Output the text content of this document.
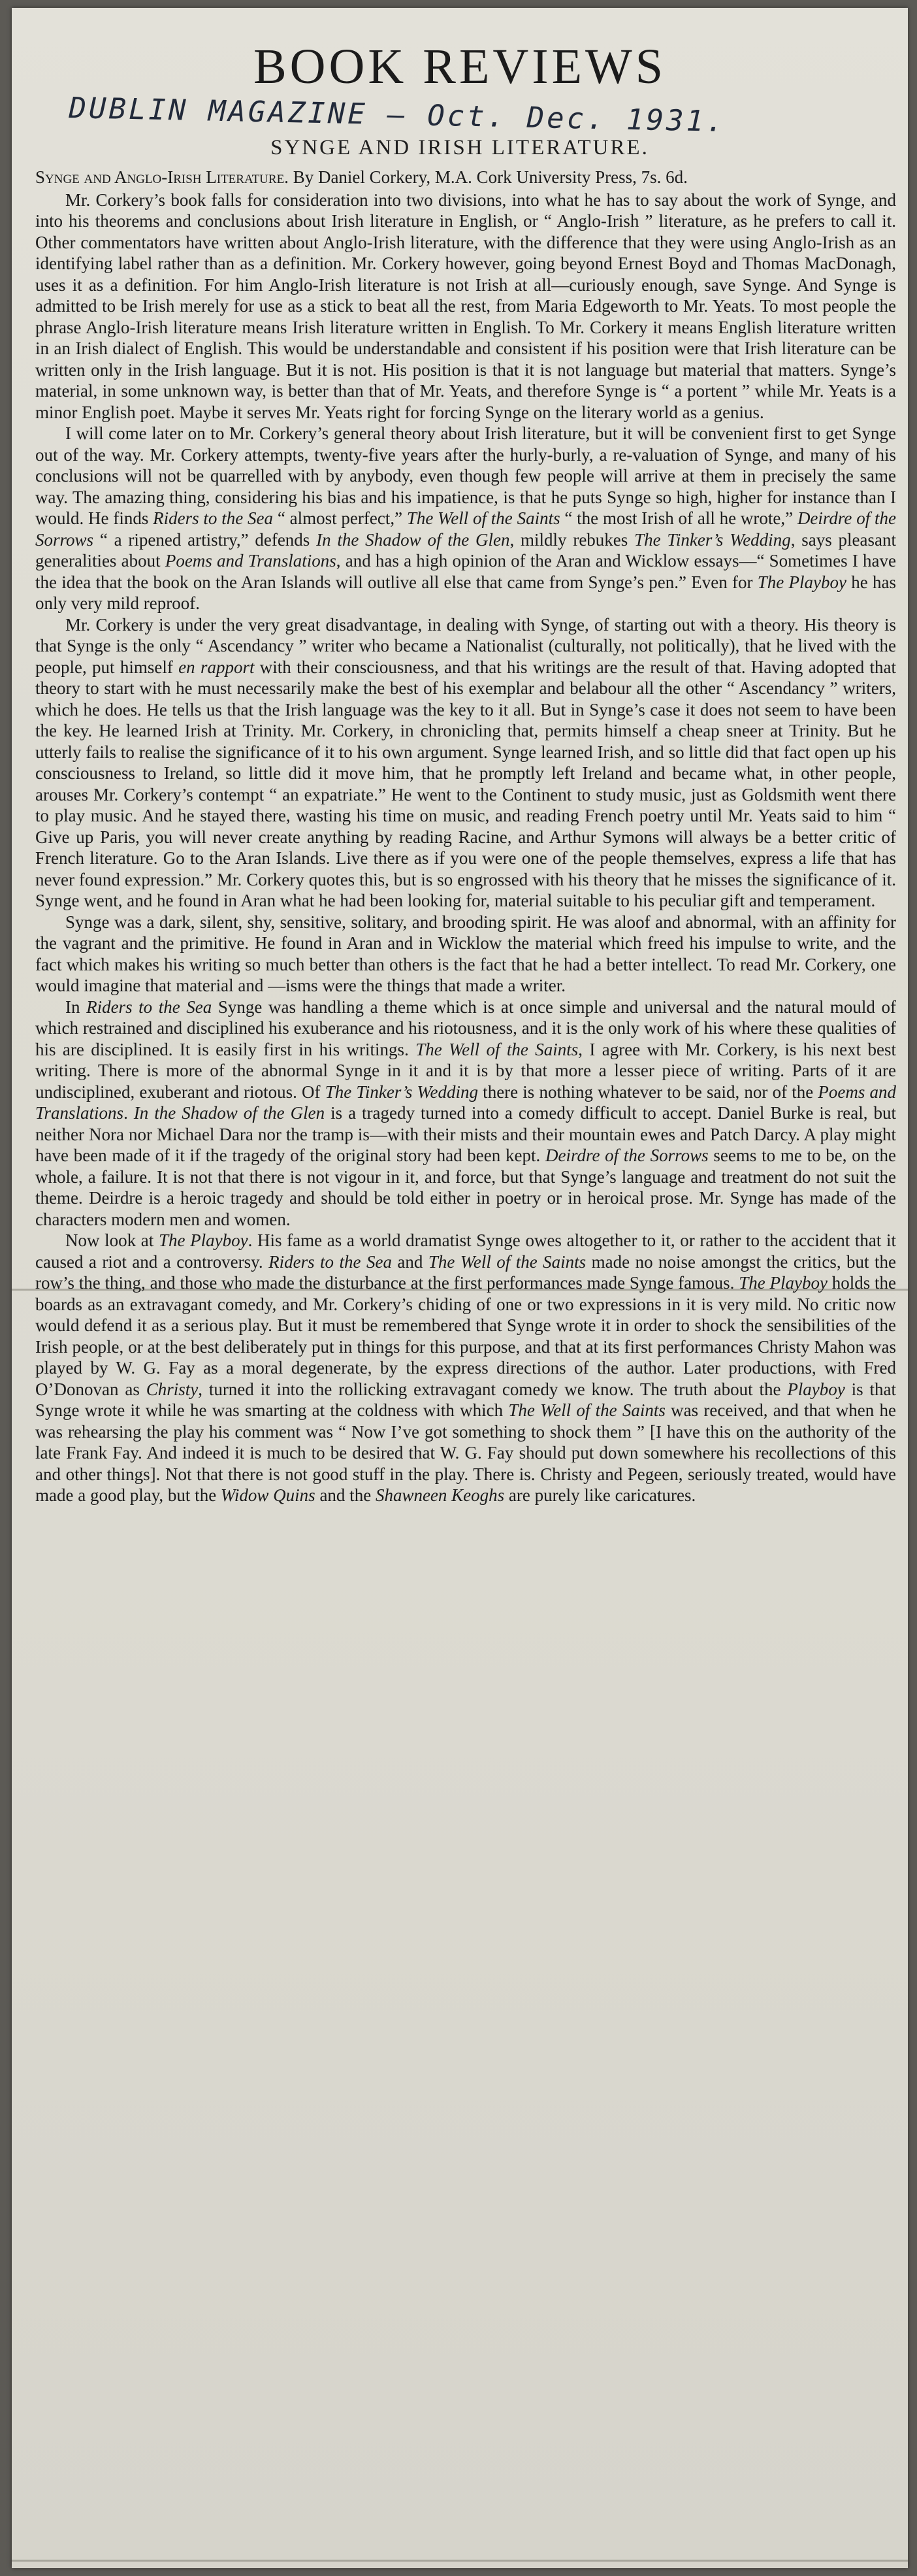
BOOK REVIEWS
DUBLIN MAGAZINE — Oct. Dec. 1931.
SYNGE AND IRISH LITERATURE.

Synge and Anglo-Irish Literature. By Daniel Corkery, M.A. Cork University Press, 7s. 6d.

Mr. Corkery’s book falls for consideration into two divisions, into what he has to say about the work of Synge, and into his theorems and conclusions about Irish literature in English, or “ Anglo-Irish ” literature, as he prefers to call it. Other commentators have written about Anglo-Irish literature, with the difference that they were using Anglo-Irish as an identifying label rather than as a definition. Mr. Corkery however, going beyond Ernest Boyd and Thomas MacDonagh, uses it as a definition. For him Anglo-Irish literature is not Irish at all—curiously enough, save Synge. And Synge is admitted to be Irish merely for use as a stick to beat all the rest, from Maria Edgeworth to Mr. Yeats. To most people the phrase Anglo-Irish literature means Irish literature written in English. To Mr. Corkery it means English literature written in an Irish dialect of English. This would be understandable and consistent if his position were that Irish literature can be written only in the Irish language. But it is not. His position is that it is not language but material that matters. Synge’s material, in some unknown way, is better than that of Mr. Yeats, and therefore Synge is “ a portent ” while Mr. Yeats is a minor English poet. Maybe it serves Mr. Yeats right for forcing Synge on the literary world as a genius.

I will come later on to Mr. Corkery’s general theory about Irish literature, but it will be convenient first to get Synge out of the way. Mr. Corkery attempts, twenty-five years after the hurly-burly, a re-valuation of Synge, and many of his conclusions will not be quarrelled with by anybody, even though few people will arrive at them in precisely the same way. The amazing thing, considering his bias and his impatience, is that he puts Synge so high, higher for instance than I would. He finds Riders to the Sea “ almost perfect,” The Well of the Saints “ the most Irish of all he wrote,” Deirdre of the Sorrows “ a ripened artistry,” defends In the Shadow of the Glen, mildly rebukes The Tinker’s Wedding, says pleasant generalities about Poems and Translations, and has a high opinion of the Aran and Wicklow essays—“ Sometimes I have the idea that the book on the Aran Islands will outlive all else that came from Synge’s pen.” Even for The Playboy he has only very mild reproof.

Mr. Corkery is under the very great disadvantage, in dealing with Synge, of starting out with a theory. His theory is that Synge is the only “ Ascendancy ” writer who became a Nationalist (culturally, not politically), that he lived with the people, put himself en rapport with their consciousness, and that his writings are the result of that. Having adopted that theory to start with he must necessarily make the best of his exemplar and belabour all the other “ Ascendancy ” writers, which he does. He tells us that the Irish language was the key to it all. But in Synge’s case it does not seem to have been the key. He learned Irish at Trinity. Mr. Corkery, in chronicling that, permits himself a cheap sneer at Trinity. But he utterly fails to realise the significance of it to his own argument. Synge learned Irish, and so little did that fact open up his consciousness to Ireland, so little did it move him, that he promptly left Ireland and became what, in other people, arouses Mr. Corkery’s contempt “ an expatriate.” He went to the Continent to study music, just as Goldsmith went there to play music. And he stayed there, wasting his time on music, and reading French poetry until Mr. Yeats said to him “ Give up Paris, you will never create anything by reading Racine, and Arthur Symons will always be a better critic of French literature. Go to the Aran Islands. Live there as if you were one of the people themselves, express a life that has never found expression.” Mr. Corkery quotes this, but is so engrossed with his theory that he misses the significance of it. Synge went, and he found in Aran what he had been looking for, material suitable to his peculiar gift and temperament.

Synge was a dark, silent, shy, sensitive, solitary, and brooding spirit. He was aloof and abnormal, with an affinity for the vagrant and the primitive. He found in Aran and in Wicklow the material which freed his impulse to write, and the fact which makes his writing so much better than others is the fact that he had a better intellect. To read Mr. Corkery, one would imagine that material and —isms were the things that made a writer.

In Riders to the Sea Synge was handling a theme which is at once simple and universal and the natural mould of which restrained and disciplined his exuberance and his riotousness, and it is the only work of his where these qualities of his are disciplined. It is easily first in his writings. The Well of the Saints, I agree with Mr. Corkery, is his next best writing. There is more of the abnormal Synge in it and it is by that more a lesser piece of writing. Parts of it are undisciplined, exuberant and riotous. Of The Tinker’s Wedding there is nothing whatever to be said, nor of the Poems and Translations. In the Shadow of the Glen is a tragedy turned into a comedy difficult to accept. Daniel Burke is real, but neither Nora nor Michael Dara nor the tramp is—with their mists and their mountain ewes and Patch Darcy. A play might have been made of it if the tragedy of the original story had been kept. Deirdre of the Sorrows seems to me to be, on the whole, a failure. It is not that there is not vigour in it, and force, but that Synge’s language and treatment do not suit the theme. Deirdre is a heroic tragedy and should be told either in poetry or in heroical prose. Mr. Synge has made of the characters modern men and women.

Now look at The Playboy. His fame as a world dramatist Synge owes altogether to it, or rather to the accident that it caused a riot and a controversy. Riders to the Sea and The Well of the Saints made no noise amongst the critics, but the row’s the thing, and those who made the disturbance at the first performances made Synge famous. The Playboy holds the boards as an extravagant comedy, and Mr. Corkery’s chiding of one or two expressions in it is very mild. No critic now would defend it as a serious play. But it must be remembered that Synge wrote it in order to shock the sensibilities of the Irish people, or at the best deliberately put in things for this purpose, and that at its first performances Christy Mahon was played by W. G. Fay as a moral degenerate, by the express directions of the author. Later productions, with Fred O’Donovan as Christy, turned it into the rollicking extravagant comedy we know. The truth about the Playboy is that Synge wrote it while he was smarting at the coldness with which The Well of the Saints was received, and that when he was rehearsing the play his comment was “ Now I’ve got something to shock them ” [I have this on the authority of the late Frank Fay. And indeed it is much to be desired that W. G. Fay should put down somewhere his recollections of this and other things]. Not that there is not good stuff in the play. There is. Christy and Pegeen, seriously treated, would have made a good play, but the Widow Quins and the Shawneen Keoghs are purely like caricatures.
